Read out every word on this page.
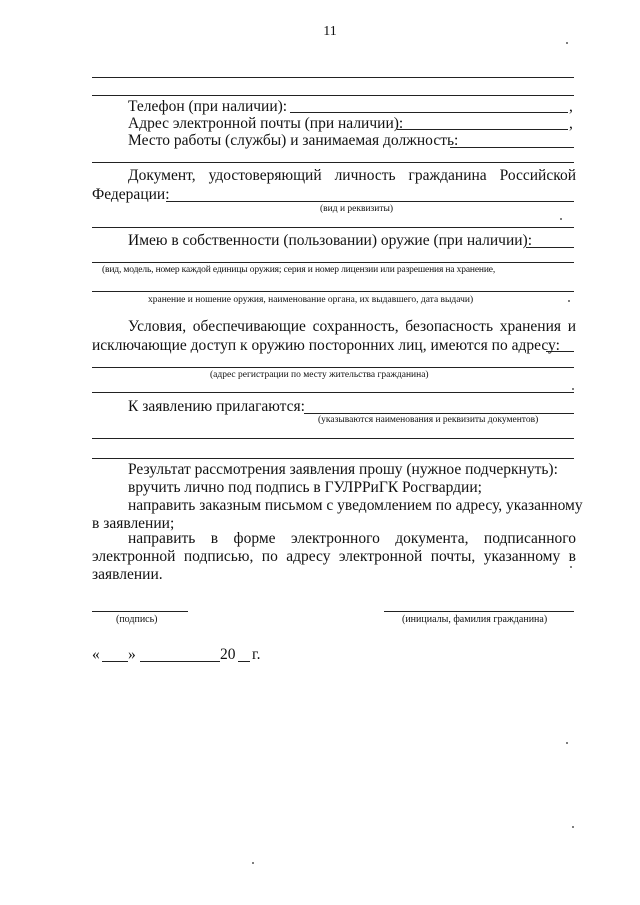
11
Телефон (при наличии):	,
Адрес электронной почты (при наличии):	,
Место работы (службы) и занимаемая должность:
Документ, удостоверяющий личность гражданина Российской
Федерации:
(вид и реквизиты)
Имею в собственности (пользовании) оружие (при наличии):
(вид, модель, номер каждой единицы оружия; серия и номер лицензии или разрешения на хранение,
хранение и ношение оружия, наименование органа, их выдавшего, дата выдачи)
Условия, обеспечивающие сохранность, безопасность хранения и
исключающие доступ к оружию посторонних лиц, имеются по адресу:
(адрес регистрации по месту жительства гражданина)
К заявлению прилагаются:
(указываются наименования и реквизиты документов)
Результат рассмотрения заявления прошу (нужное подчеркнуть):
вручить лично под подпись в ГУЛРРиГК Росгвардии;
направить заказным письмом с уведомлением по адресу, указанному
в заявлении;
направить в форме электронного документа, подписанного
электронной подписью, по адресу электронной почты, указанному в
заявлении.
(подпись)	(инициалы, фамилия гражданина)
« »	20 г.
